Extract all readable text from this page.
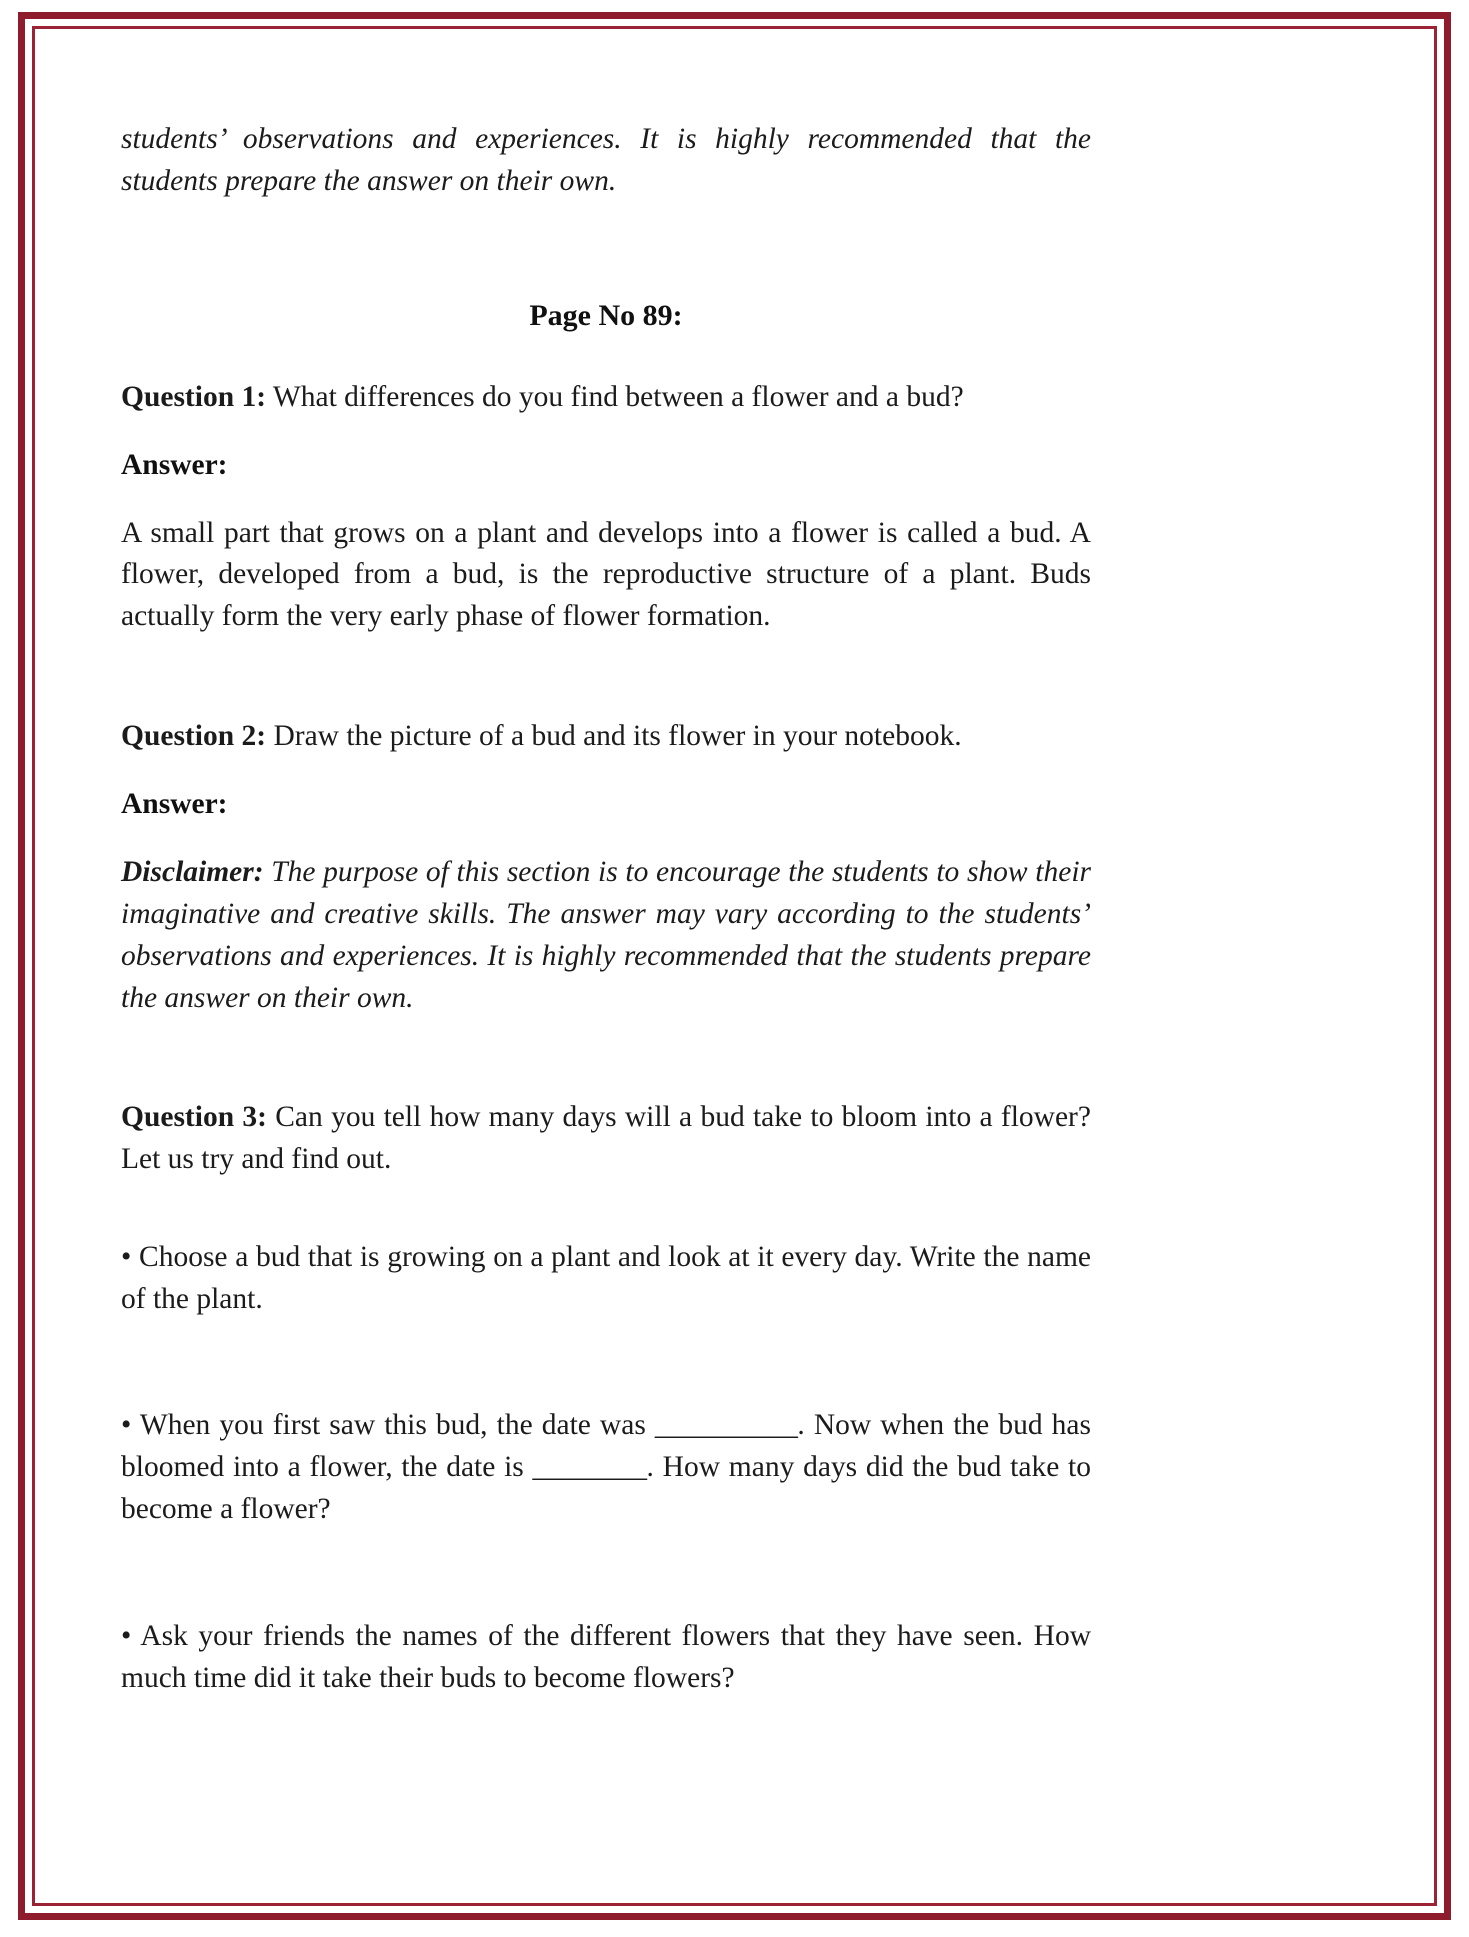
students’ observations and experiences. It is highly recommended that the students prepare the answer on their own.

Page No 89:
Question 1: What differences do you find between a flower and a bud?
Answer:

A small part that grows on a plant and develops into a flower is called a bud. A flower, developed from a bud, is the reproductive structure of a plant. Buds actually form the very early phase of flower formation.

Question 2: Draw the picture of a bud and its flower in your notebook.
Answer:

Disclaimer: The purpose of this section is to encourage the students to show their imaginative and creative skills. The answer may vary according to the students’ observations and experiences. It is highly recommended that the students prepare the answer on their own.

Question 3: Can you tell how many days will a bud take to bloom into a flower? Let us try and find out.

• Choose a bud that is growing on a plant and look at it every day. Write the name of the plant.

• When you first saw this bud, the date was __________. Now when the bud has bloomed into a flower, the date is ________. How many days did the bud take to become a flower?

• Ask your friends the names of the different flowers that they have seen. How much time did it take their buds to become flowers?
